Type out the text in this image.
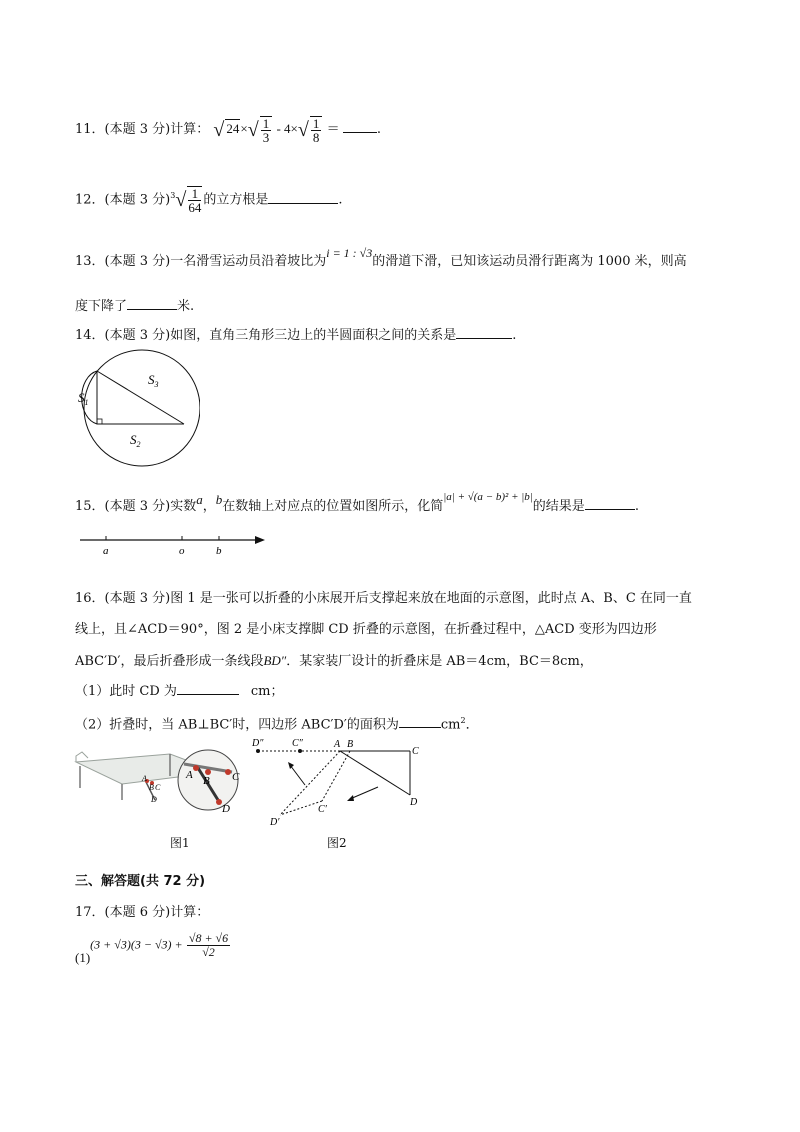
11．(本题 3 分)计算： √ $24\times√ \frac{1}{3} - 4\times√ \frac{1}{8}$ ＝	.
12．(本题 3 分)$^3√ \frac{1}{64}$ 的立方根是	.
13．(本题 3 分)一名滑雪运动员沿着坡比为i = 1 : √3的滑道下滑，已知该运动员滑行距离为 1000 米，则高
度下降了	米.
14．(本题 3 分)如图，直角三角形三边上的半圆面积之间的关系是	.
$S_1$
$S_3$
$S_2$
15．(本题 3 分)实数a，b在数轴上对应点的位置如图所示，化简$^{|a| + √(a - b)^2 + |b|}$的结果是	.
a	o	b
16．(本题 3 分)图 1 是一张可以折叠的小床展开后支撑起来放在地面的示意图，此时点 A、B、C 在同一直
线上，且∠ACD＝90°，图 2 是小床支撑脚 CD 折叠的示意图，在折叠过程中，△ACD 变形为四边形
ABC′D′，最后折叠形成一条线段BD″．某家装厂设计的折叠床是 AB＝4cm，BC＝8cm，
（1）此时 CD 为	cm；
（2）折叠时，当 AB⊥BC′时，四边形 ABC′D′的面积为	$cm^2$．
A
B C
D
A B C
D
图1
D″	C″	A B
C
D
C′
D′
图2
三、解答题(共 72 分)
17．(本题 6 分)计算：
$(1)(3 + √3)(3 - √3) + \frac{√8 + √6}{√2}$
